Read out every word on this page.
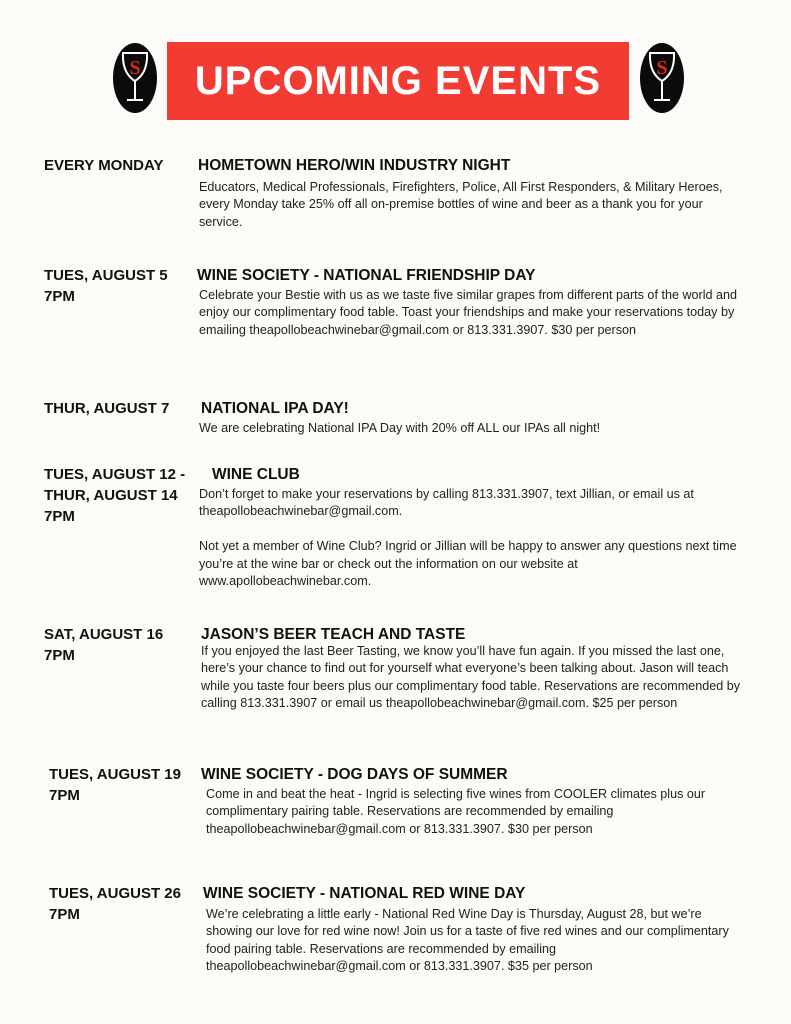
S UPCOMING EVENTS	S
EVERY MONDAY HOMETOWN HERO/WIN INDUSTRY NIGHT

Educators, Medical Professionals, Firefighters, Police, All First Responders, & Military Heroes, every Monday take 25% off all on-premise bottles of wine and beer as a thank you for your service.

TUES, AUGUST 5
7PM
WINE SOCIETY - NATIONAL FRIENDSHIP DAY

Celebrate your Bestie with us as we taste five similar grapes from different parts of the world and enjoy our complimentary food table. Toast your friendships and make your reservations today by emailing theapollobeachwinebar@gmail.com or 813.331.3907. $30 per person

THUR, AUGUST 7 NATIONAL IPA DAY!

We are celebrating National IPA Day with 20% off ALL our IPAs all night!

TUES, AUGUST 12 -
THUR, AUGUST 14
7PM
WINE CLUB

Don’t forget to make your reservations by calling 813.331.3907, text Jillian, or email us at theapollobeachwinebar@gmail.com.

Not yet a member of Wine Club? Ingrid or Jillian will be happy to answer any questions next time you’re at the wine bar or check out the information on our website at www.apollobeachwinebar.com.

SAT, AUGUST 16
7PM
JASON’S BEER TEACH AND TASTE

If you enjoyed the last Beer Tasting, we know you’ll have fun again. If you missed the last one, here’s your chance to find out for yourself what everyone’s been talking about. Jason will teach while you taste four beers plus our complimentary food table. Reservations are recommended by calling 813.331.3907 or email us theapollobeachwinebar@gmail.com. $25 per person

TUES, AUGUST 19
7PM
WINE SOCIETY - DOG DAYS OF SUMMER

Come in and beat the heat - Ingrid is selecting five wines from COOLER climates plus our complimentary pairing table. Reservations are recommended by emailing theapollobeachwinebar@gmail.com or 813.331.3907. $30 per person

TUES, AUGUST 26
7PM
WINE SOCIETY - NATIONAL RED WINE DAY

We’re celebrating a little early - National Red Wine Day is Thursday, August 28, but we’re showing our love for red wine now! Join us for a taste of five red wines and our complimentary food pairing table. Reservations are recommended by emailing theapollobeachwinebar@gmail.com or 813.331.3907. $35 per person
